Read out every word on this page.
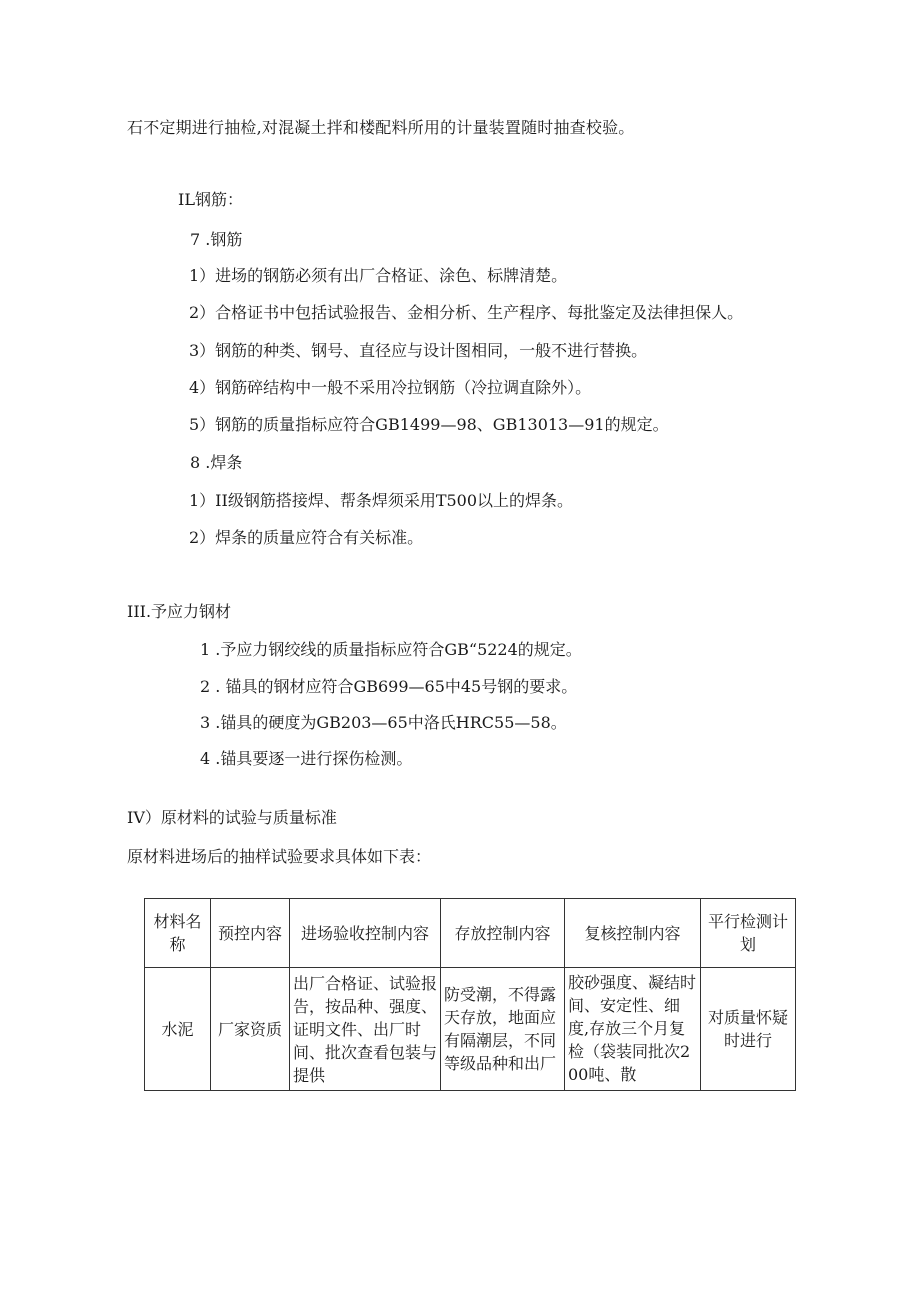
石不定期进行抽检,对混凝土拌和楼配料所用的计量装置随时抽查校验。
IL钢筋：
7 .钢筋
1）进场的钢筋必须有出厂合格证、涂色、标牌清楚。
2）合格证书中包括试验报告、金相分析、生产程序、每批鉴定及法律担保人。
3）钢筋的种类、钢号、直径应与设计图相同，一般不进行替换。
4）钢筋碎结构中一般不采用冷拉钢筋（冷拉调直除外）。
5）钢筋的质量指标应符合GB1499—98、GB13013—91的规定。
8 .焊条
1）II级钢筋搭接焊、帮条焊须采用T500以上的焊条。
2）焊条的质量应符合有关标准。
III.予应力钢材
1 .予应力钢绞线的质量指标应符合GB“5224的规定。
2 . 锚具的钢材应符合GB699—65中45号钢的要求。
3 .锚具的硬度为GB203—65中洛氏HRC55—58。
4 .锚具要逐一进行探伤检测。
IV）原材料的试验与质量标准
原材料进场后的抽样试验要求具体如下表：
材料名称	预控内容	进场验收控制内容	存放控制内容	复核控制内容	平行检测计划
水泥	厂家资质	出厂合格证、试验报告，按品种、强度、证明文件、出厂时间、批次查看包装与提供	防受潮，不得露天存放，地面应有隔潮层，不同等级品种和出厂	胶砂强度、凝结时间、安定性、细度,存放三个月复检（袋装同批次200吨、散	对质量怀疑时进行
